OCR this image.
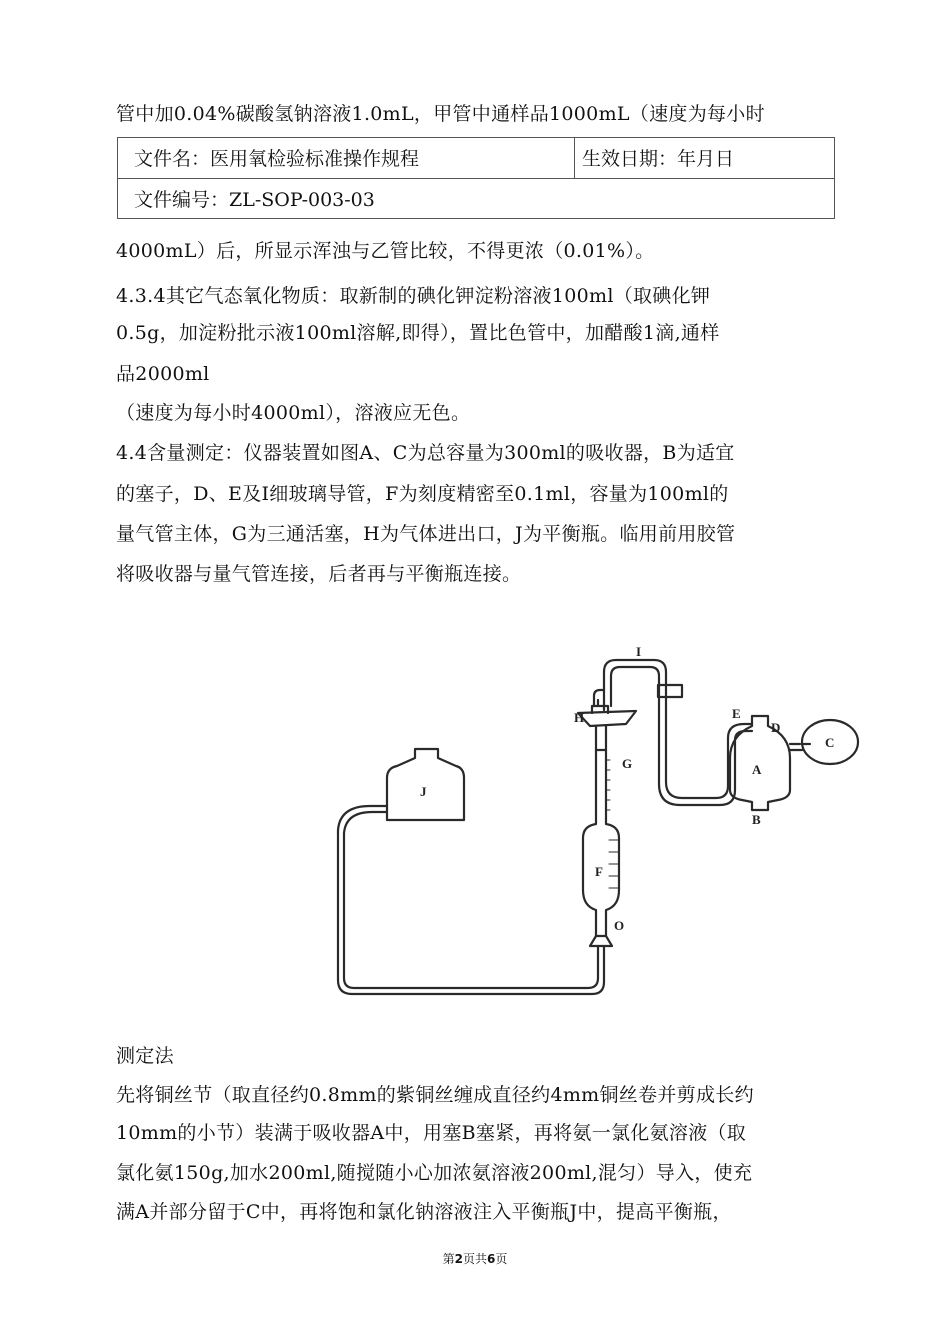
管中加0.04%碳酸氢钠溶液1.0mL，甲管中通样品1000mL（速度为每小时
文件名：医用氧检验标准操作规程	生效日期：年月日
文件编号：ZL-SOP-003-03
4000mL）后，所显示浑浊与乙管比较，不得更浓（0.01%）。
4.3.4其它气态氧化物质：取新制的碘化钾淀粉溶液100ml（取碘化钾
0.5g，加淀粉批示液100ml溶解,即得），置比色管中，加醋酸1滴,通样
品2000ml
（速度为每小时4000ml），溶液应无色。
4.4含量测定：仪器装置如图A、C为总容量为300ml的吸收器，B为适宜
的塞子，D、E及I细玻璃导管，F为刻度精密至0.1ml，容量为100ml的
量气管主体，G为三通活塞，H为气体进出口，J为平衡瓶。临用前用胶管
将吸收器与量气管连接，后者再与平衡瓶连接。
I
H	E
D
C
A
G
J
B
F
O
测定法
先将铜丝节（取直径约0.8mm的紫铜丝缠成直径约4mm铜丝卷并剪成长约
10mm的小节）装满于吸收器A中，用塞B塞紧，再将氨一氯化氨溶液（取
氯化氨150g,加水200ml,随搅随小心加浓氨溶液200ml,混匀）导入，使充
满A并部分留于C中，再将饱和氯化钠溶液注入平衡瓶J中，提高平衡瓶，
第2页共6页
